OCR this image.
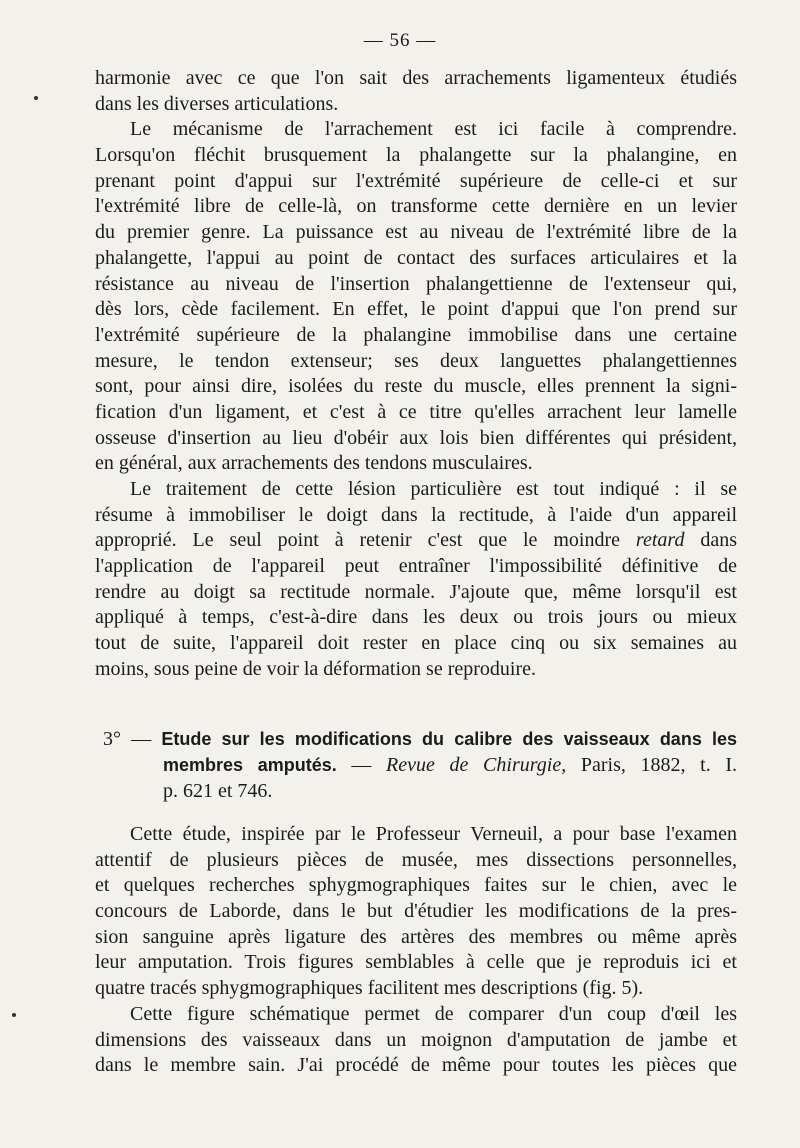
— 56 —
harmonie avec ce que l'on sait des arrachements ligamenteux étudiés
dans les diverses articulations.
Le mécanisme de l'arrachement est ici facile à comprendre.
Lorsqu'on fléchit brusquement la phalangette sur la phalangine, en
prenant point d'appui sur l'extrémité supérieure de celle-ci et sur
l'extrémité libre de celle-là, on transforme cette dernière en un levier
du premier genre. La puissance est au niveau de l'extrémité libre de la
phalangette, l'appui au point de contact des surfaces articulaires et la
résistance au niveau de l'insertion phalangettienne de l'extenseur qui,
dès lors, cède facilement. En effet, le point d'appui que l'on prend sur
l'extrémité supérieure de la phalangine immobilise dans une certaine
mesure, le tendon extenseur; ses deux languettes phalangettiennes
sont, pour ainsi dire, isolées du reste du muscle, elles prennent la signi-
fication d'un ligament, et c'est à ce titre qu'elles arrachent leur lamelle
osseuse d'insertion au lieu d'obéir aux lois bien différentes qui président,
en général, aux arrachements des tendons musculaires.
Le traitement de cette lésion particulière est tout indiqué : il se
résume à immobiliser le doigt dans la rectitude, à l'aide d'un appareil
approprié. Le seul point à retenir c'est que le moindre retard dans
l'application de l'appareil peut entraîner l'impossibilité définitive de
rendre au doigt sa rectitude normale. J'ajoute que, même lorsqu'il est
appliqué à temps, c'est-à-dire dans les deux ou trois jours ou mieux
tout de suite, l'appareil doit rester en place cinq ou six semaines au
moins, sous peine de voir la déformation se reproduire.
3° — Etude sur les modifications du calibre des vaisseaux dans les
membres amputés. — Revue de Chirurgie, Paris, 1882, t. I.
p. 621 et 746.
Cette étude, inspirée par le Professeur Verneuil, a pour base l'examen
attentif de plusieurs pièces de musée, mes dissections personnelles,
et quelques recherches sphygmographiques faites sur le chien, avec le
concours de Laborde, dans le but d'étudier les modifications de la pres-
sion sanguine après ligature des artères des membres ou même après
leur amputation. Trois figures semblables à celle que je reproduis ici et
quatre tracés sphygmographiques facilitent mes descriptions (fig. 5).
Cette figure schématique permet de comparer d'un coup d'œil les
dimensions des vaisseaux dans un moignon d'amputation de jambe et
dans le membre sain. J'ai procédé de même pour toutes les pièces que
